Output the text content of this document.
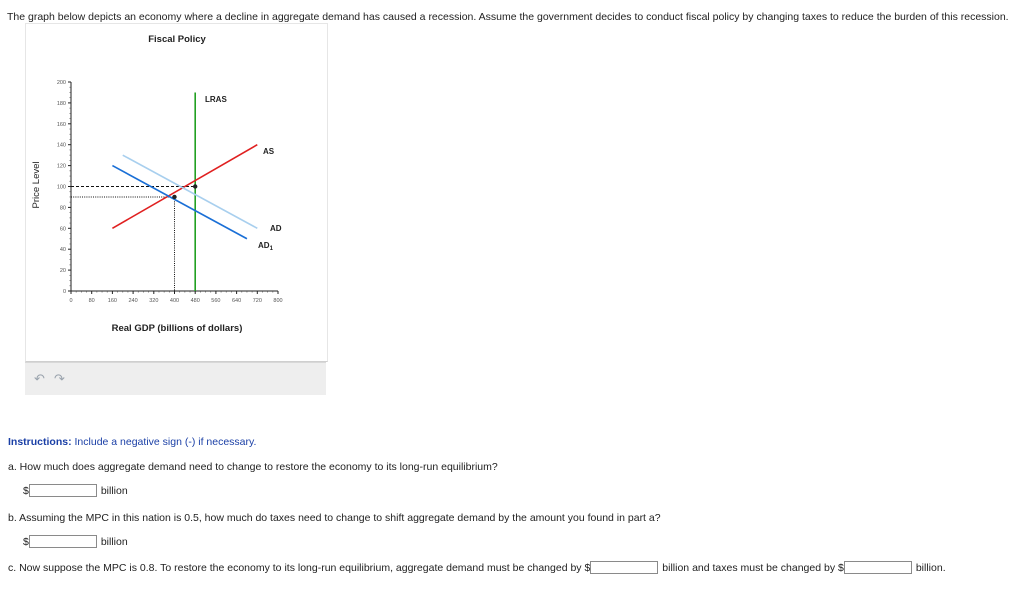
The graph below depicts an economy where a decline in aggregate demand has caused a recession. Assume the government decides to conduct fiscal policy by changing taxes to reduce the burden of this recession.
Fiscal Policy
Price Level
Real GDP (billions of dollars)
0
20
40
60
80
100
120
140
160
180
200
0	80 160 240 320 400 480 560 640 720 800
LRAS
AS
AD
$AD_1$
↶ ↷
Instructions: Include a negative sign (-) if necessary.
a. How much does aggregate demand need to change to restore the economy to its long-run equilibrium?
$	billion
b. Assuming the MPC in this nation is 0.5, how much do taxes need to change to shift aggregate demand by the amount you found in part a?
$	billion
c. Now suppose the MPC is 0.8. To restore the economy to its long-run equilibrium, aggregate demand must be changed by $	billion and taxes must be changed by $	billion.
